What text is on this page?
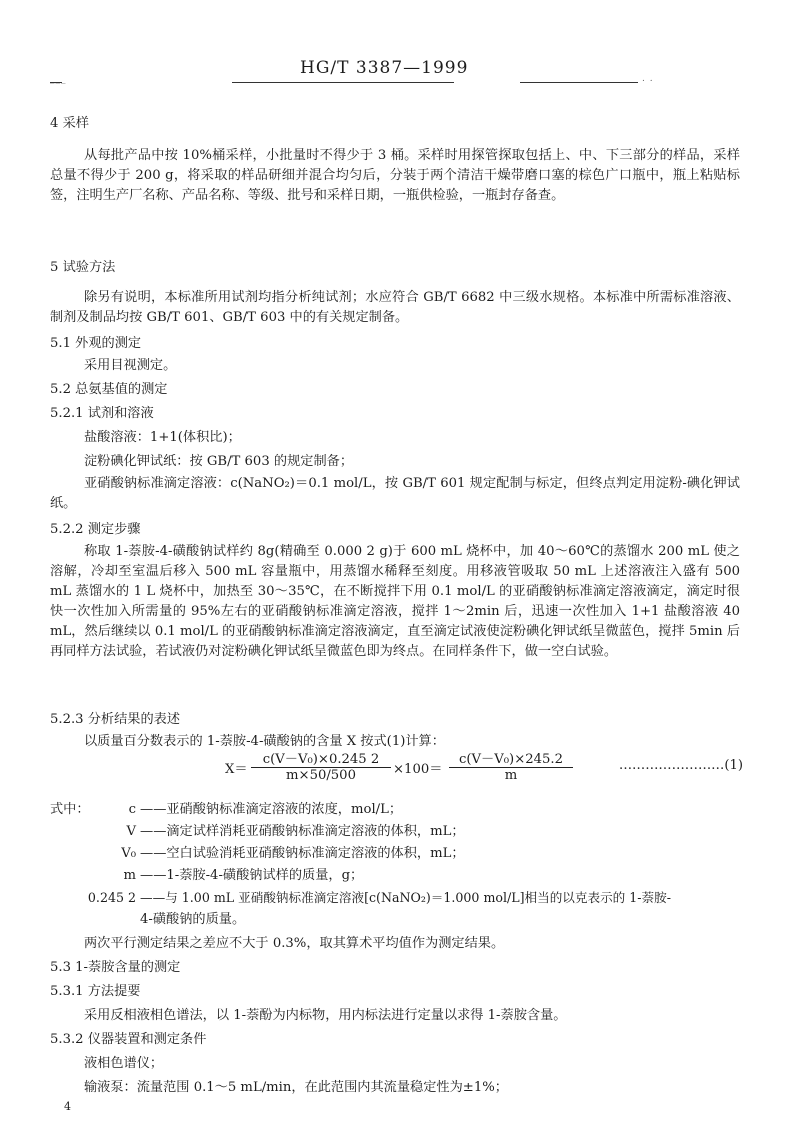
___
HG/T 3387—1999
. .
4 采样
从每批产品中按 10%桶采样，小批量时不得少于 3 桶。采样时用探管探取包括上、中、下三部分的样品，采样总量不得少于 200 g，将采取的样品研细并混合均匀后，分装于两个清洁干燥带磨口塞的棕色广口瓶中，瓶上粘贴标签，注明生产厂名称、产品名称、等级、批号和采样日期，一瓶供检验，一瓶封存备查。
5 试验方法
除另有说明，本标准所用试剂均指分析纯试剂；水应符合 GB/T 6682 中三级水规格。本标准中所需标准溶液、制剂及制品均按 GB/T 601、GB/T 603 中的有关规定制备。
5.1 外观的测定
采用目视测定。
5.2 总氨基值的测定
5.2.1 试剂和溶液
盐酸溶液：1+1(体积比)；
淀粉碘化钾试纸：按 GB/T 603 的规定制备；
亚硝酸钠标准滴定溶液：c(NaNO₂)＝0.1 mol/L，按 GB/T 601 规定配制与标定，但终点判定用淀粉-碘化钾试纸。
5.2.2 测定步骤
称取 1-萘胺-4-磺酸钠试样约 8g(精确至 0.000 2 g)于 600 mL 烧杯中，加 40～60℃的蒸馏水 200 mL 使之溶解，冷却至室温后移入 500 mL 容量瓶中，用蒸馏水稀释至刻度。用移液管吸取 50 mL 上述溶液注入盛有 500 mL 蒸馏水的 1 L 烧杯中，加热至 30～35℃，在不断搅拌下用 0.1 mol/L 的亚硝酸钠标准滴定溶液滴定，滴定时很快一次性加入所需量的 95%左右的亚硝酸钠标准滴定溶液，搅拌 1～2min 后，迅速一次性加入 1+1 盐酸溶液 40 mL，然后继续以 0.1 mol/L 的亚硝酸钠标准滴定溶液滴定，直至滴定试液使淀粉碘化钾试纸呈微蓝色，搅拌 5min 后再同样方法试验，若试液仍对淀粉碘化钾试纸呈微蓝色即为终点。在同样条件下，做一空白试验。
5.2.3 分析结果的表述
以质量百分数表示的 1-萘胺-4-磺酸钠的含量 X 按式(1)计算：
$X= \frac{\text{c(V－V₀)×0.245 2}}{m\times 50/500} \times 100= \frac{\text{c(V－V₀)×245.2}}{m}$	……………………(1)
式中：	c ——亚硝酸钠标准滴定溶液的浓度，mol/L；
V ——滴定试样消耗亚硝酸钠标准滴定溶液的体积，mL；
V₀ ——空白试验消耗亚硝酸钠标准滴定溶液的体积，mL；
m ——1-萘胺-4-磺酸钠试样的质量，g；
0.245 2 ——与 1.00 mL 亚硝酸钠标准滴定溶液[c(NaNO₂)＝1.000 mol/L]相当的以克表示的 1-萘胺-
4-磺酸钠的质量。
两次平行测定结果之差应不大于 0.3%，取其算术平均值作为测定结果。
5.3 1-萘胺含量的测定
5.3.1 方法提要
采用反相液相色谱法，以 1-萘酚为内标物，用内标法进行定量以求得 1-萘胺含量。
5.3.2 仪器装置和测定条件
液相色谱仪；
输液泵：流量范围 0.1～5 mL/min，在此范围内其流量稳定性为±1%；
4
